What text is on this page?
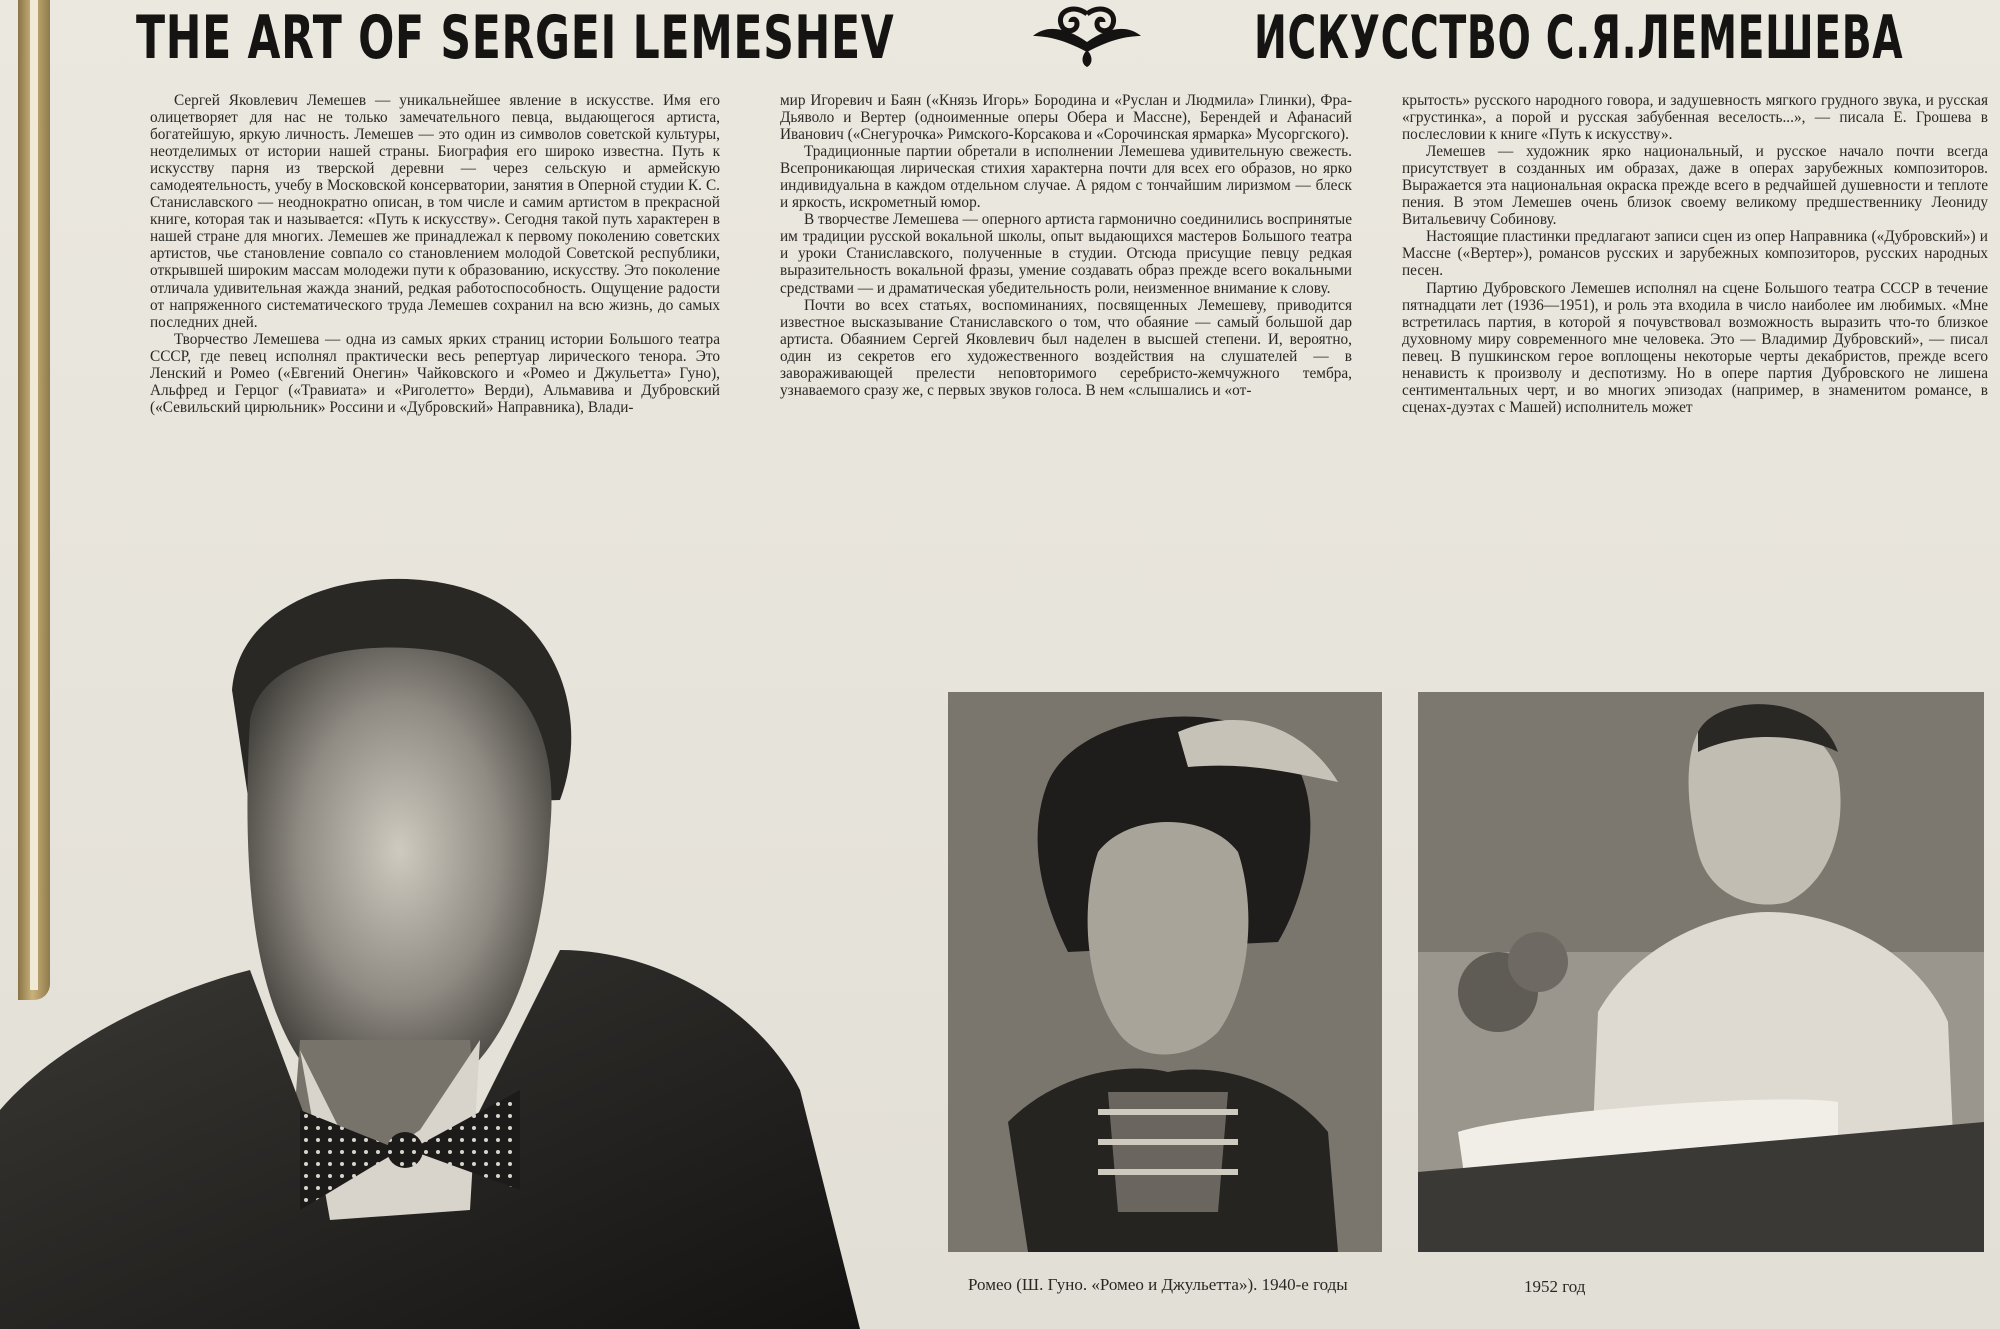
THE ART OF SERGEI LEMESHEV	ИСКУССТВО С.Я.ЛЕМЕШЕВА

Сергей Яковлевич Лемешев — уникальнейшее явление в искусстве. Имя его олицетворяет для нас не только замечательного певца, выдающегося артиста, богатейшую, яркую личность. Лемешев — это один из символов советской культуры, неотделимых от истории нашей страны. Биография его широко известна. Путь к искусству парня из тверской деревни — через сельскую и армейскую самодеятельность, учебу в Московской консерватории, занятия в Оперной студии К. С. Станиславского — неоднократно описан, в том числе и самим артистом в прекрасной книге, которая так и называется: «Путь к искусству». Сегодня такой путь характерен в нашей стране для многих. Лемешев же принадлежал к первому поколению советских артистов, чье становление совпало со становлением молодой Советской республики, открывшей широким массам молодежи пути к образованию, искусству. Это поколение отличала удивительная жажда знаний, редкая работоспособность. Ощущение радости от напряженного систематического труда Лемешев сохранил на всю жизнь, до самых последних дней.

Творчество Лемешева — одна из самых ярких страниц истории Большого театра СССР, где певец исполнял практически весь репертуар лирического тенора. Это Ленский и Ромео («Евгений Онегин» Чайковского и «Ромео и Джульетта» Гуно), Альфред и Герцог («Травиата» и «Риголетто» Верди), Альмавива и Дубровский («Севильский цирюльник» Россини и «Дубровский» Направника), Влади-

мир Игоревич и Баян («Князь Игорь» Бородина и «Руслан и Людмила» Глинки), Фра-Дьяволо и Вертер (одноименные оперы Обера и Массне), Берендей и Афанасий Иванович («Снегурочка» Римского-Корсакова и «Сорочинская ярмарка» Мусоргского).

Традиционные партии обретали в исполнении Лемешева удивительную свежесть. Всепроникающая лирическая стихия характерна почти для всех его образов, но ярко индивидуальна в каждом отдельном случае. А рядом с тончайшим лиризмом — блеск и яркость, искрометный юмор.

В творчестве Лемешева — оперного артиста гармонично соединились воспринятые им традиции русской вокальной школы, опыт выдающихся мастеров Большого театра и уроки Станиславского, полученные в студии. Отсюда присущие певцу редкая выразительность вокальной фразы, умение создавать образ прежде всего вокальными средствами — и драматическая убедительность роли, неизменное внимание к слову.

Почти во всех статьях, воспоминаниях, посвященных Лемешеву, приводится известное высказывание Станиславского о том, что обаяние — самый большой дар артиста. Обаянием Сергей Яковлевич был наделен в высшей степени. И, вероятно, один из секретов его художественного воздействия на слушателей — в завораживающей прелести неповторимого серебристо-жемчужного тембра, узнаваемого сразу же, с первых звуков голоса. В нем «слышались и «от-

крытость» русского народного говора, и задушевность мягкого грудного звука, и русская «грустинка», а порой и русская забубенная веселость...», — писала Е. Грошева в послесловии к книге «Путь к искусству».

Лемешев — художник ярко национальный, и русское начало почти всегда присутствует в созданных им образах, даже в операх зарубежных композиторов. Выражается эта национальная окраска прежде всего в редчайшей душевности и теплоте пения. В этом Лемешев очень близок своему великому предшественнику Леониду Витальевичу Собинову.

Настоящие пластинки предлагают записи сцен из опер Направника («Дубровский») и Массне («Вертер»), романсов русских и зарубежных композиторов, русских народных песен.

Партию Дубровского Лемешев исполнял на сцене Большого театра СССР в течение пятнадцати лет (1936—1951), и роль эта входила в число наиболее им любимых. «Мне встретилась партия, в которой я почувствовал возможность выразить что-то близкое духовному миру современного мне человека. Это — Владимир Дубровский», — писал певец. В пушкинском герое воплощены некоторые черты декабристов, прежде всего ненависть к произволу и деспотизму. Но в опере партия Дубровского не лишена сентиментальных черт, и во многих эпизодах (например, в знаменитом романсе, в сценах-дуэтах с Машей) исполнитель может

Ромео (Ш. Гуно. «Ромео и Джульетта»). 1940-е годы	1952 год
